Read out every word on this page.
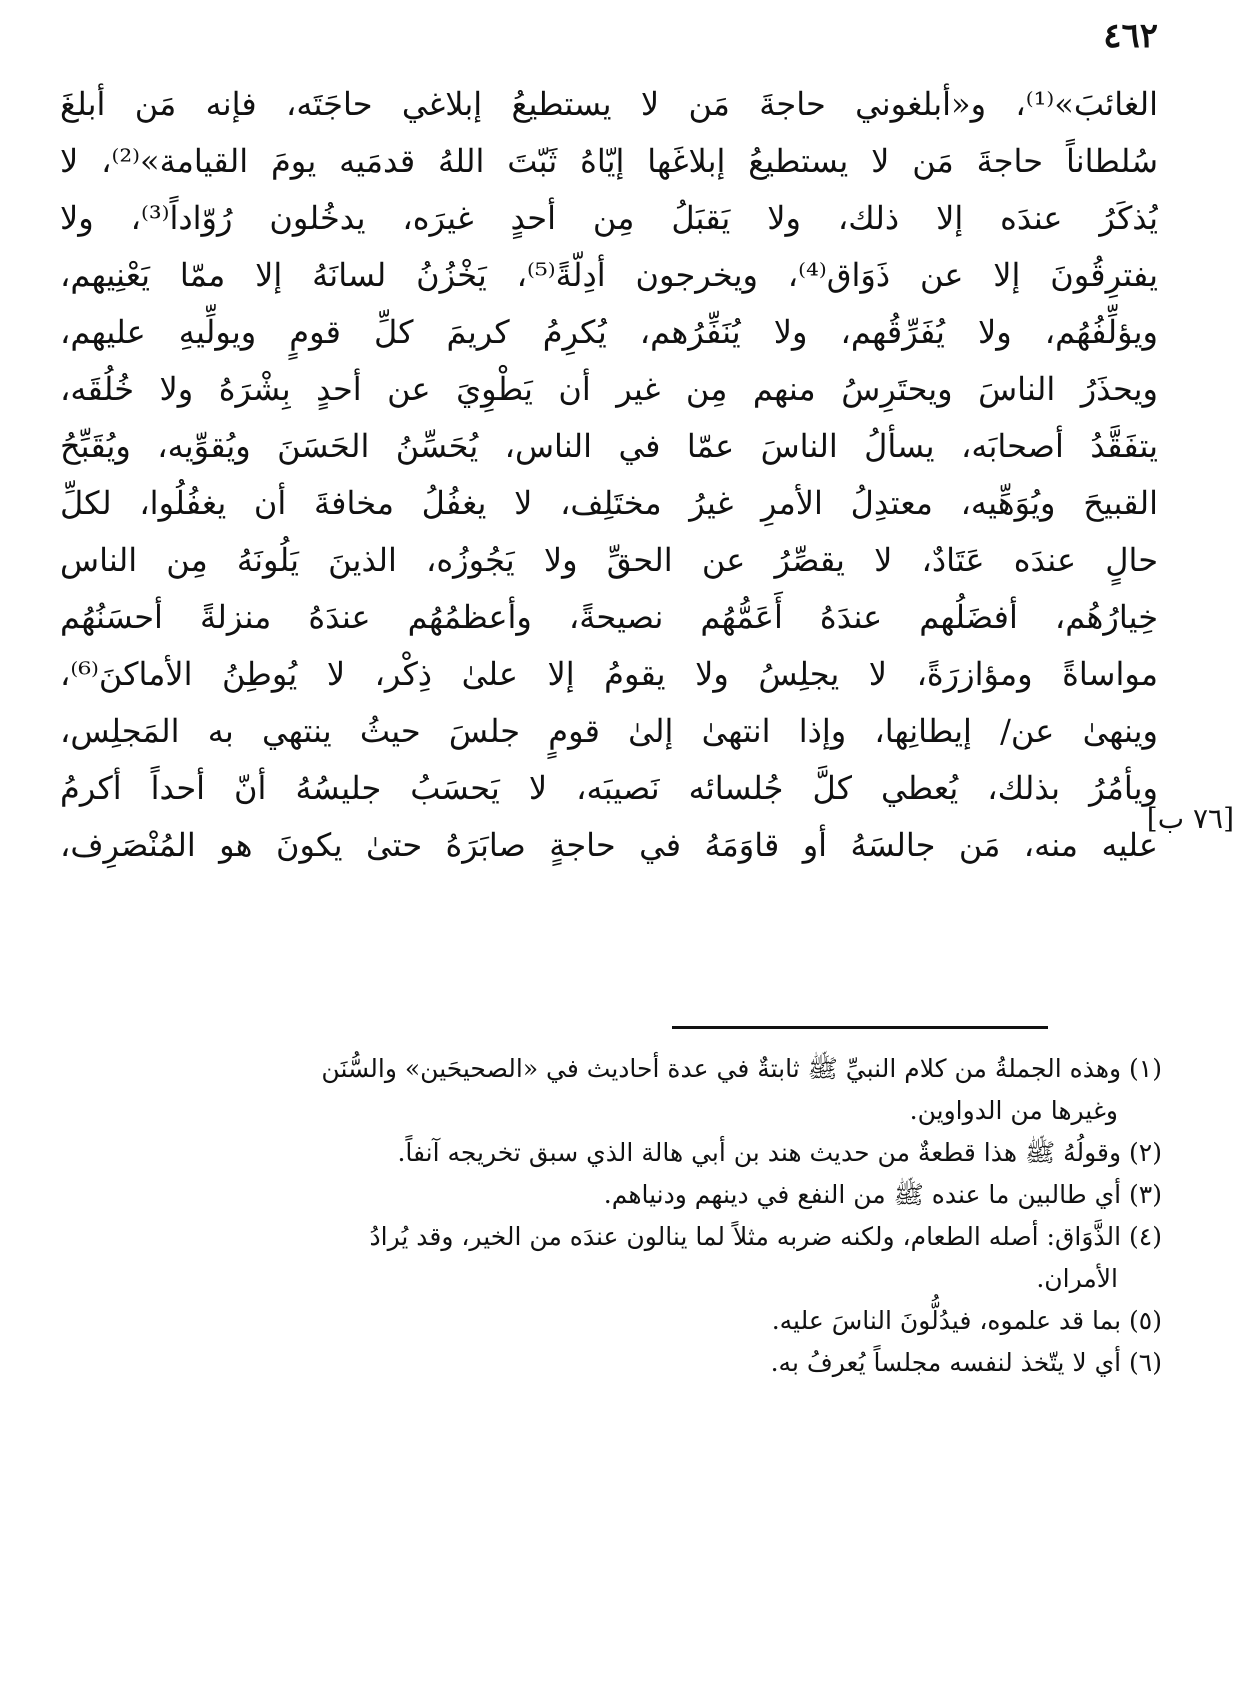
٤٦٢
الغائبَ»⁽¹⁾، و«أبلغوني حاجةَ مَن لا يستطيعُ إبلاغي حاجَتَه، فإنه مَن أبلغَ
سُلطاناً حاجةَ مَن لا يستطيعُ إبلاغَها إيّاهُ ثَبّتَ اللهُ قدمَيه يومَ القيامة»⁽²⁾، لا
يُذكَرُ عندَه إلا ذلك، ولا يَقبَلُ مِن أحدٍ غيرَه، يدخُلون رُوّاداً⁽³⁾، ولا
يفترِقُونَ إلا عن ذَوَاق⁽⁴⁾، ويخرجون أدِلّةً⁽⁵⁾، يَخْزُنُ لسانَهُ إلا ممّا يَعْنِيهم،
ويؤلِّفُهُم، ولا يُفَرِّقُهم، ولا يُنَفِّرُهم، يُكرِمُ كريمَ كلِّ قومٍ ويولِّيهِ عليهم،
ويحذَرُ الناسَ ويحتَرِسُ منهم مِن غير أن يَطْوِيَ عن أحدٍ بِشْرَهُ ولا خُلُقَه،
يتفَقَّدُ أصحابَه، يسألُ الناسَ عمّا في الناس، يُحَسِّنُ الحَسَنَ ويُقوِّيه، ويُقَبِّحُ
القبيحَ ويُوَهِّيه، معتدِلُ الأمرِ غيرُ مختَلِف، لا يغفُلُ مخافةَ أن يغفُلُوا، لكلِّ
حالٍ عندَه عَتَادٌ، لا يقصِّرُ عن الحقِّ ولا يَجُوزُه، الذينَ يَلُونَهُ مِن الناس
خِيارُهُم، أفضَلُهم عندَهُ أَعَمُّهُم نصيحةً، وأعظمُهُم عندَهُ منزلةً أحسَنُهُم
مواساةً ومؤازرَةً، لا يجلِسُ ولا يقومُ إلا علىٰ ذِكْر، لا يُوطِنُ الأماكنَ⁽⁶⁾،
وينهىٰ عن/ إيطانِها، وإذا انتهىٰ إلىٰ قومٍ جلسَ حيثُ ينتهي به المَجلِس،
ويأمُرُ بذلك، يُعطي كلَّ جُلسائه نَصيبَه، لا يَحسَبُ جليسُهُ أنّ أحداً أكرمُ
عليه منه، مَن جالسَهُ أو قاوَمَهُ في حاجةٍ صابَرَهُ حتىٰ يكونَ هو المُنْصَرِف،
[٧٦ ب]
(١) وهذه الجملةُ من كلام النبيِّ ﷺ ثابتةٌ في عدة أحاديث في «الصحيحَين» والسُّنَن
وغيرها من الدواوين.
(٢) وقولُهُ ﷺ هذا قطعةٌ من حديث هند بن أبي هالة الذي سبق تخريجه آنفاً.
(٣) أي طالبين ما عنده ﷺ من النفع في دينهم ودنياهم.
(٤) الذَّوَاق: أصله الطعام، ولكنه ضربه مثلاً لما ينالون عندَه من الخير، وقد يُرادُ
الأمران.
(٥) بما قد علموه، فيدُلُّونَ الناسَ عليه.
(٦) أي لا يتّخذ لنفسه مجلساً يُعرفُ به.
